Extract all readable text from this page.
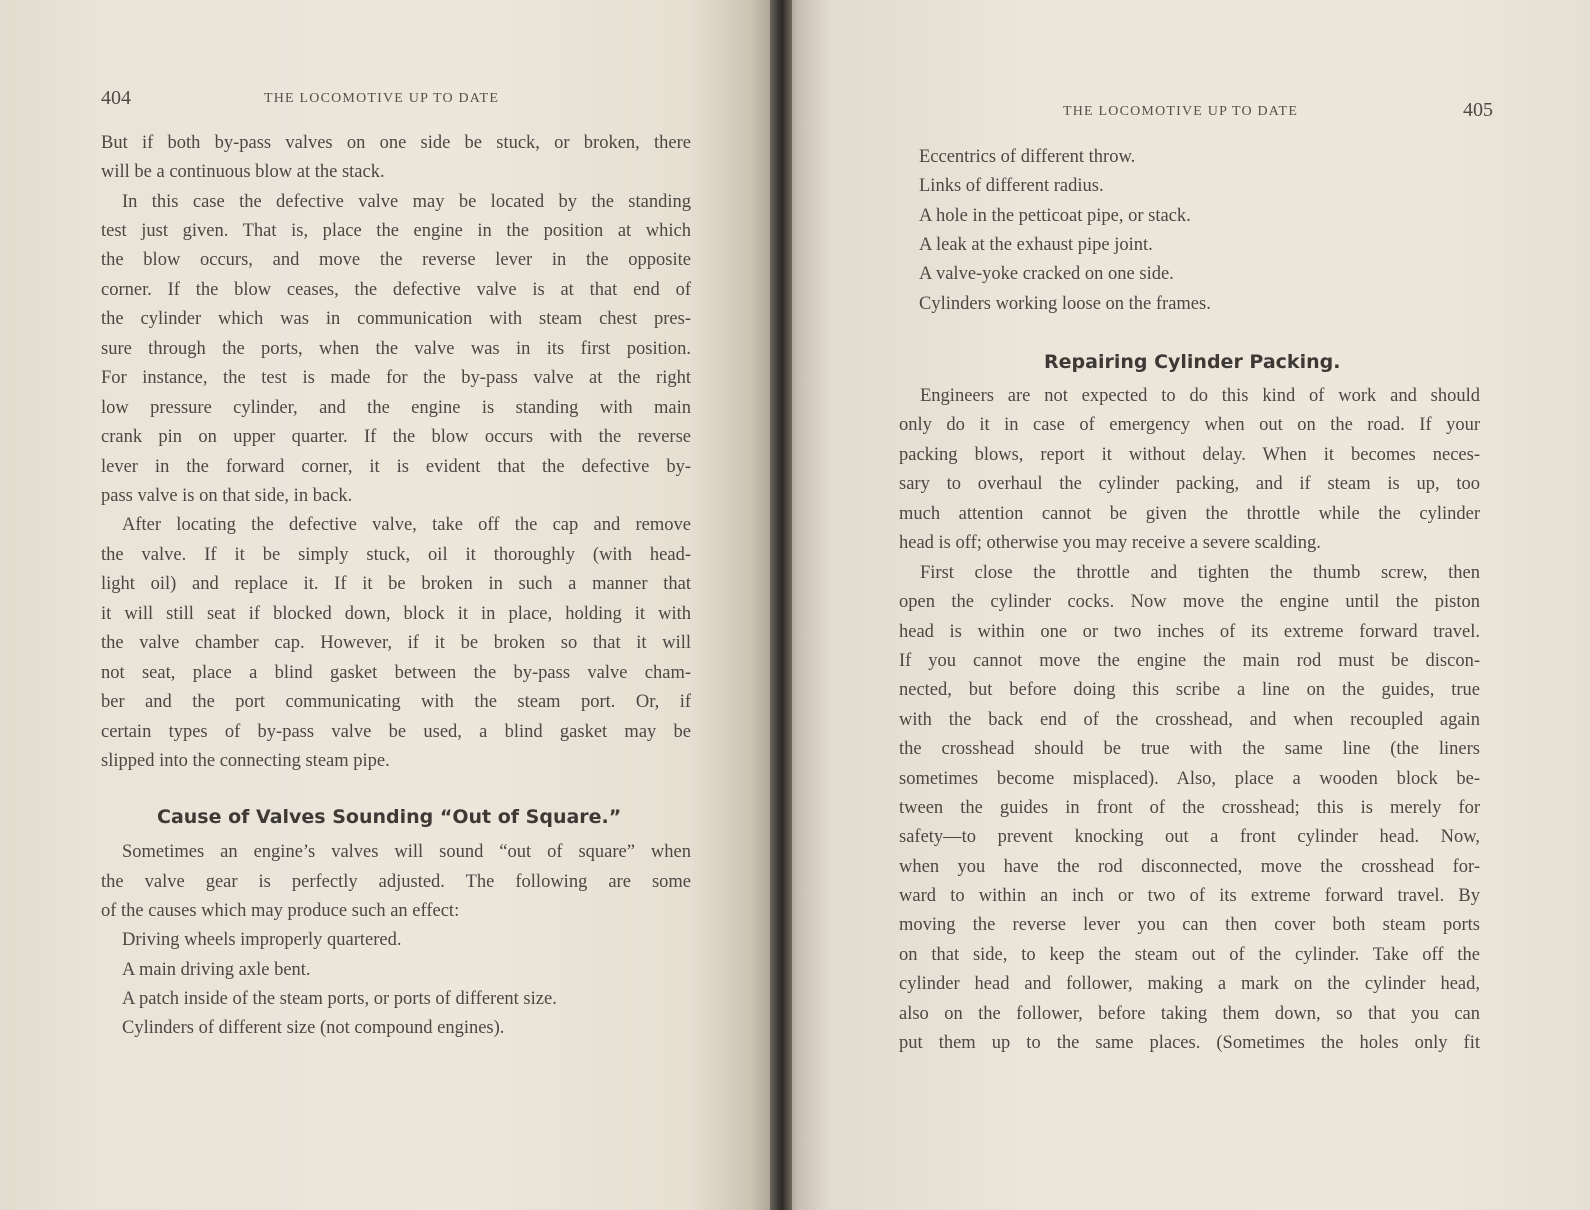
404	THE LOCOMOTIVE UP TO DATE
But if both by-pass valves on one side be stuck, or broken, there
will be a continuous blow at the stack.
In this case the defective valve may be located by the standing
test just given. That is, place the engine in the position at which
the blow occurs, and move the reverse lever in the opposite
corner. If the blow ceases, the defective valve is at that end of
the cylinder which was in communication with steam chest pres-
sure through the ports, when the valve was in its first position.
For instance, the test is made for the by-pass valve at the right
low pressure cylinder, and the engine is standing with main
crank pin on upper quarter. If the blow occurs with the reverse
lever in the forward corner, it is evident that the defective by-
pass valve is on that side, in back.
After locating the defective valve, take off the cap and remove
the valve. If it be simply stuck, oil it thoroughly (with head-
light oil) and replace it. If it be broken in such a manner that
it will still seat if blocked down, block it in place, holding it with
the valve chamber cap. However, if it be broken so that it will
not seat, place a blind gasket between the by-pass valve cham-
ber and the port communicating with the steam port. Or, if
certain types of by-pass valve be used, a blind gasket may be
slipped into the connecting steam pipe.
Cause of Valves Sounding “Out of Square.”
Sometimes an engine’s valves will sound “out of square” when
the valve gear is perfectly adjusted. The following are some
of the causes which may produce such an effect:
Driving wheels improperly quartered.
A main driving axle bent.
A patch inside of the steam ports, or ports of different size.
Cylinders of different size (not compound engines).
THE LOCOMOTIVE UP TO DATE	405
Eccentrics of different throw.
Links of different radius.
A hole in the petticoat pipe, or stack.
A leak at the exhaust pipe joint.
A valve-yoke cracked on one side.
Cylinders working loose on the frames.
Repairing Cylinder Packing.
Engineers are not expected to do this kind of work and should
only do it in case of emergency when out on the road. If your
packing blows, report it without delay. When it becomes neces-
sary to overhaul the cylinder packing, and if steam is up, too
much attention cannot be given the throttle while the cylinder
head is off; otherwise you may receive a severe scalding.
First close the throttle and tighten the thumb screw, then
open the cylinder cocks. Now move the engine until the piston
head is within one or two inches of its extreme forward travel.
If you cannot move the engine the main rod must be discon-
nected, but before doing this scribe a line on the guides, true
with the back end of the crosshead, and when recoupled again
the crosshead should be true with the same line (the liners
sometimes become misplaced). Also, place a wooden block be-
tween the guides in front of the crosshead; this is merely for
safety—to prevent knocking out a front cylinder head. Now,
when you have the rod disconnected, move the crosshead for-
ward to within an inch or two of its extreme forward travel. By
moving the reverse lever you can then cover both steam ports
on that side, to keep the steam out of the cylinder. Take off the
cylinder head and follower, making a mark on the cylinder head,
also on the follower, before taking them down, so that you can
put them up to the same places. (Sometimes the holes only fit
